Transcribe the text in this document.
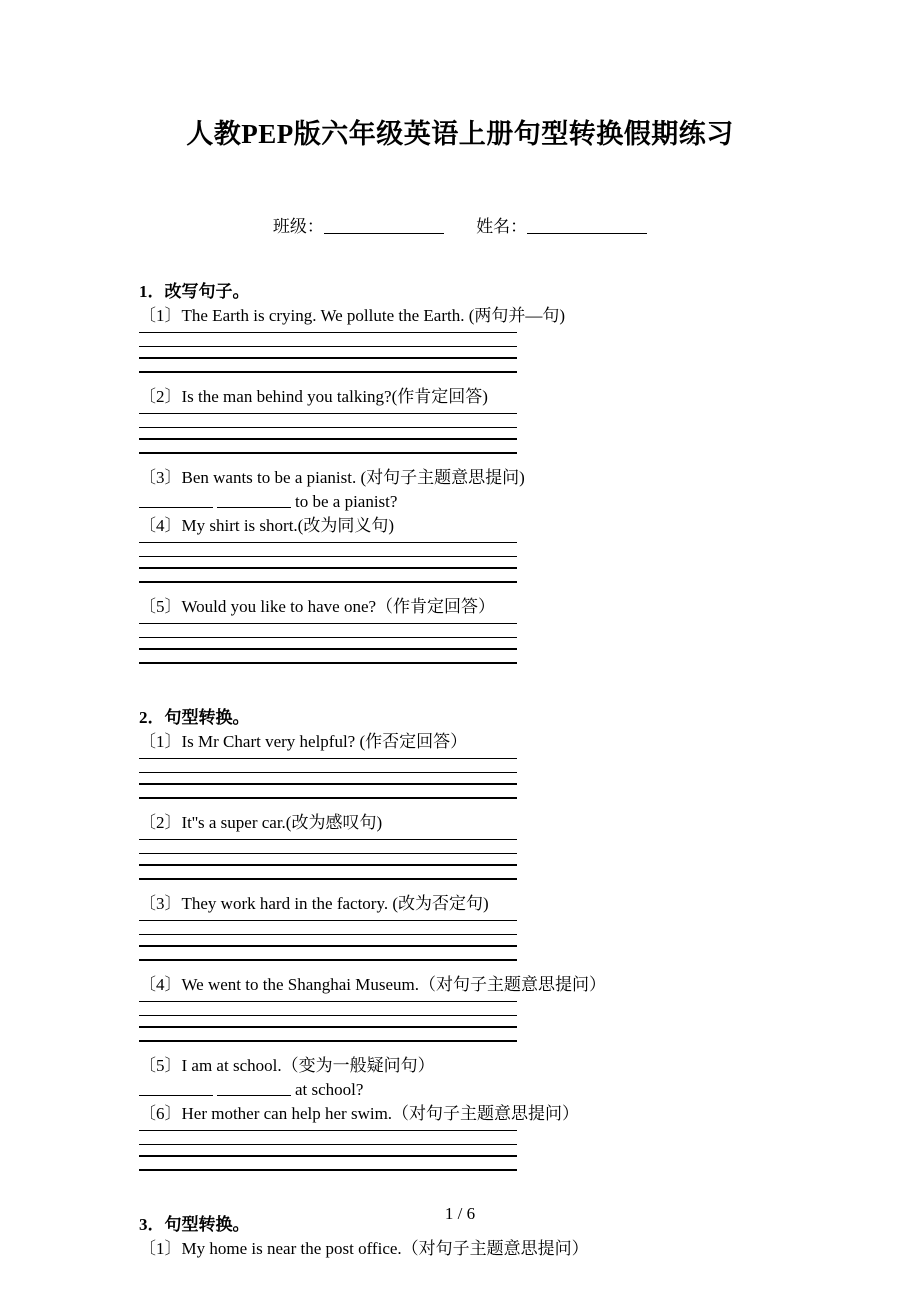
人教PEP版六年级英语上册句型转换假期练习
班级：	姓名：
1．改写句子。
〔1〕The Earth is crying. We pollute the Earth. (两句并—句)
〔2〕Is the man behind you talking?(作肯定回答)
〔3〕Ben wants to be a pianist. (对句子主题意思提问)
to be a pianist?
〔4〕My shirt is short.(改为同义句)
〔5〕Would you like to have one?（作肯定回答）
2．句型转换。
〔1〕Is Mr Chart very helpful? (作否定回答）
〔2〕It''s a super car.(改为感叹句)
〔3〕They work hard in the factory. (改为否定句)
〔4〕We went to the Shanghai Museum.（对句子主题意思提问）
〔5〕I am at school.（变为一般疑问句）
at school?
〔6〕Her mother can help her swim.（对句子主题意思提问）
3．句型转换。
〔1〕My home is near the post office.（对句子主题意思提问）
1 / 6
